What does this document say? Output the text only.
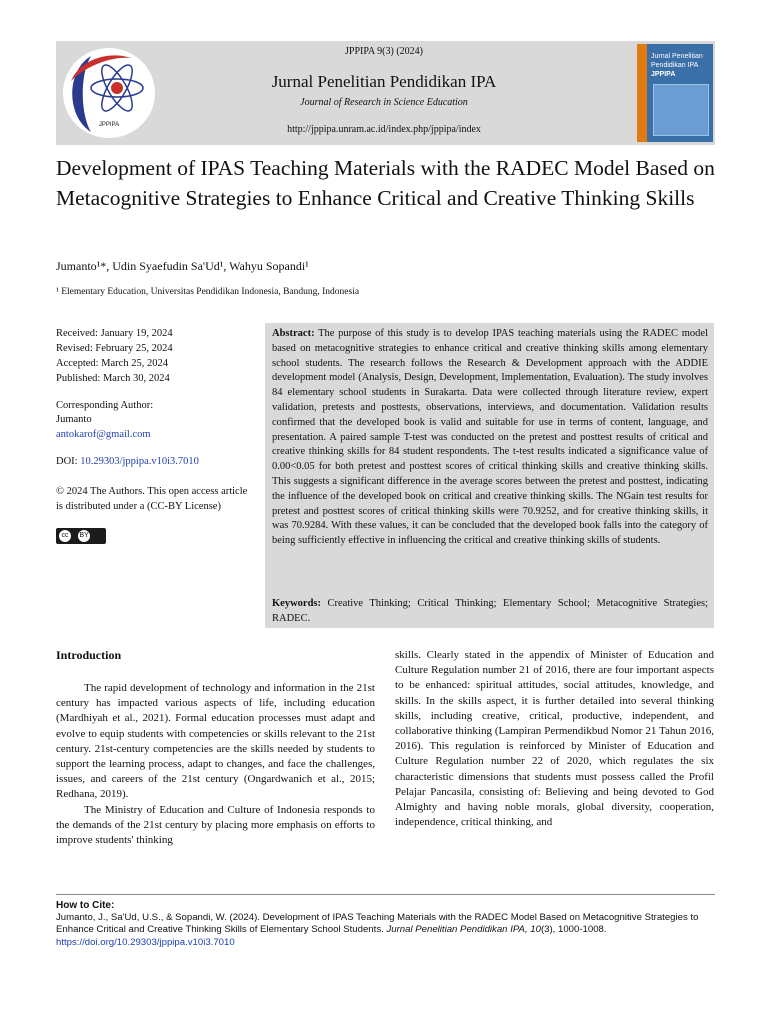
JPPIPA
Jurnal Penelitian Pendidikan IPA
JPPIPA
JPPIPA 9(3) (2024)
Jurnal Penelitian Pendidikan IPA
Journal of Research in Science Education
http://jppipa.unram.ac.id/index.php/jppipa/index
Development of IPAS Teaching Materials with the RADEC Model Based on Metacognitive Strategies to Enhance Critical and Creative Thinking Skills
Jumanto¹*, Udin Syaefudin Sa'Ud¹, Wahyu Sopandi¹
¹ Elementary Education, Universitas Pendidikan Indonesia, Bandung, Indonesia
Received: January 19, 2024
Revised: February 25, 2024
Accepted: March 25, 2024
Published: March 30, 2024
Corresponding Author:
Jumanto
antokarof@gmail.com
DOI: 10.29303/jppipa.v10i3.7010
© 2024 The Authors. This open access article is distributed under a (CC-BY License)
cc	BY
Abstract: The purpose of this study is to develop IPAS teaching materials using the RADEC model based on metacognitive strategies to enhance critical and creative thinking skills among elementary school students. The research follows the Research & Development approach with the ADDIE development model (Analysis, Design, Development, Implementation, Evaluation). The study involves 84 elementary school students in Surakarta. Data were collected through literature review, expert validation, pretests and posttests, observations, interviews, and documentation. Validation results confirmed that the developed book is valid and suitable for use in terms of content, language, and presentation. A paired sample T-test was conducted on the pretest and posttest results of critical and creative thinking skills for 84 student respondents. The t-test results indicated a significance value of 0.00<0.05 for both pretest and posttest scores of critical thinking skills and creative thinking skills. This suggests a significant difference in the average scores between the pretest and posttest, indicating the influence of the developed book on critical and creative thinking skills. The NGain test results for pretest and posttest scores of critical thinking skills were 70.9252, and for creative thinking skills, it was 70.9284. With these values, it can be concluded that the developed book falls into the category of being sufficiently effective in influencing the critical and creative thinking skills of students.
Keywords: Creative Thinking; Critical Thinking; Elementary School; Metacognitive Strategies; RADEC.
Introduction

The rapid development of technology and information in the 21st century has impacted various aspects of life, including education (Mardhiyah et al., 2021). Formal education processes must adapt and evolve to equip students with competencies or skills relevant to the 21st century. 21st-century competencies are the skills needed by students to support the learning process, adapt to changes, and face the challenges, issues, and careers of the 21st century (Ongardwanich et al., 2015; Redhana, 2019).

The Ministry of Education and Culture of Indonesia responds to the demands of the 21st century by placing more emphasis on efforts to improve students' thinking

skills. Clearly stated in the appendix of Minister of Education and Culture Regulation number 21 of 2016, there are four important aspects to be enhanced: spiritual attitudes, social attitudes, knowledge, and skills. In the skills aspect, it is further detailed into several thinking skills, including creative, critical, productive, independent, and collaborative thinking (Lampiran Permendikbud Nomor 21 Tahun 2016, 2016). This regulation is reinforced by Minister of Education and Culture Regulation number 22 of 2020, which regulates the six characteristic dimensions that students must possess called the Profil Pelajar Pancasila, consisting of: Believing and being devoted to God Almighty and having noble morals, global diversity, cooperation, independence, critical thinking, and

How to Cite:
Jumanto, J., Sa'Ud, U.S., & Sopandi, W. (2024). Development of IPAS Teaching Materials with the RADEC Model Based on Metacognitive Strategies to Enhance Critical and Creative Thinking Skills of Elementary School Students. Jurnal Penelitian Pendidikan IPA, 10(3), 1000-1008.
https://doi.org/10.29303/jppipa.v10i3.7010
